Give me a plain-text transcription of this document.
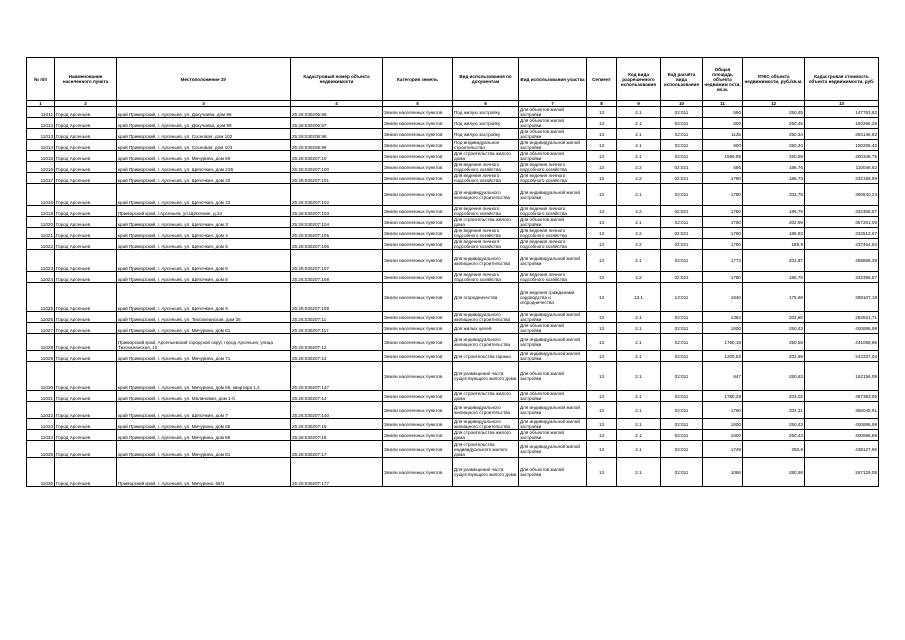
№ п/п	Наименование населенного пункта	Местоположение ЗУ	Кадастровый номер объекта недвижимости	Категория земель	Вид использования по документам	Вид использования участка	Сегмент	Код вида разрешенного использования	Код расчёта вида использования	Общая площадь объекта недвижим ости, кв.м.	УПКС объекта недвижимости, руб./кв.м.	Кадастровая стоимость объекта недвижимости, руб.
1	2	3	4	5	6	7	8	9	10	11	12	13
11011	Город Арсеньев	край Приморский, г. Арсеньев, ул. Докучаева, дом 98	25:26:030206:86	Земли населенных пунктов	Под жилую застройку	Для объектов жилой застройки	13	2.1	02:011	590	250,45	147763,82
11012	Город Арсеньев	край Приморский, г. Арсеньев, ул. Докучаева, дом 99	25:26:030206:97	Земли населенных пунктов	Под жилую застройку	Для объектов жилой застройки	13	2.1	02:011	600	250,45	150266,29
11013	Город Арсеньев	край Приморский, г. Арсеньев, ул. Сосновая, дом 102	25:26:030206:98	Земли населенных пунктов	Под жилую застройку	Для объектов жилой застройки	13	2.1	02:011	1135	250,34	284146,92
11014	Город Арсеньев	край Приморский, г. Арсеньев, ул. Сосновая, дом 103	25:26:030206:99	Земли населенных пунктов	Под индивидуальное строительство	Для индивидуальной жилой застройки	13	2.1	02:011	600	250,34	150206,45
11015	Город Арсеньев	край Приморский, г. Арсеньев, ул. Мичурина, дом 69	25:26:030207:10	Земли населенных пунктов	Для строительства жилого дома	Для объектов жилой застройки	13	2.1	02:011	1589,95	250,59	400348,75
11016	Город Арсеньев	край Приморский, г. Арсеньев, ул. Щепочкин, дом 21Б	25:26:030207:100	Земли населенных пунктов	Для ведения личного подсобного хозяйства	Для ведения личного подсобного хозяйства	13	2.2	02:021	586	186,76	110046,82
11017	Город Арсеньев	край Приморский, г. Арсеньев, ул. Щепочкин, дом 22	25:26:030207:101	Земли населенных пунктов	Для ведения личного подсобного хозяйства	Для ведения личного подсобного хозяйства	13	2.2	02:021	1780	186,73	332158,99
11018	Город Арсеньев	край Приморский, г. Арсеньев, ул. Щепочкин, дом 23	25:26:030207:102	Земли населенных пунктов	Для индивидуального жилищного строительства	Для индивидуальной жилой застройки	13	2.1	02:011	1780	202,75	360840,24
11019	Город Арсеньев	Приморский край, г.Арсеньев, ул.Щепочкин, д.24	25:26:030207:103	Земли населенных пунктов	Для ведения личного подсобного хозяйства	Для ведения личного подсобного хозяйства	13	2.2	02:021	1780	186,79	332308,67
11020	Город Арсеньев	край Приморский, г. Арсеньев, ул. Щепочкин, дом 3	25:26:030207:104	Земли населенных пунктов	Для строительства жилого дома	Для объектов жилой застройки	13	2.1	02:011	1760	202,99	357261,09
11021	Город Арсеньев	край Приморский, г. Арсеньев, ул. Щепочкин, дом 4	25:26:030207:105	Земли населенных пунктов	Для ведения личного подсобного хозяйства	Для ведения личного подсобного хозяйства	13	2.2	02:021	1760	186,93	332513,67
11022	Город Арсеньев	край Приморский, г. Арсеньев, ул. Щепочкин, дом 5	25:26:030207:106	Земли населенных пунктов	Для ведения личного подсобного хозяйства	Для ведения личного подсобного хозяйства	13	2.2	02:021	1780	189,9	337464,62
11023	Город Арсеньев	край Приморский, г. Арсеньев, ул. Щепочкин, дом 6	25:26:030207:107	Земли населенных пунктов	Для индивидуального жилищного строительства	Для индивидуальной жилой застройки	13	2.1	02:011	1773	202,97	359868,39
11024	Город Арсеньев	край Приморский, г. Арсеньев, ул. Щепочкин, дом 8	25:26:030207:108	Земли населенных пунктов	Для ведения личного подсобного хозяйства	Для ведения личного подсобного хозяйства	13	2.2	02:021	1780	186,75	332399,67
11025	Город Арсеньев	край Приморский, г. Арсеньев, ул. Щепочкин, дом 9	25:26:030207:109	Земли населенных пунктов	Для огородничества	Для ведения гражданами садоводства и огородничества	13	13.1	13:011	1640	175,68	288107,19
11026	Город Арсеньев	край Приморский, г. Арсеньев, ул. Тихоокеанская, дом 25	25:26:030207:11	Земли населенных пунктов	Для индивидуального жилищного строительства	Для индивидуальной жилой застройки	13	2.1	02:011	1394	202,80	282821,71
11027	Город Арсеньев	край Приморский, г. Арсеньев, ул. Мичурина, дом 61	25:26:030207:117	Земли населенных пунктов	Для жилых целей	Для объектов жилой застройки	13	2.1	02:011	1600	250,43	400686,99
11028	Город Арсеньев	Приморский край, Арсеньевский городской округ, город Арсеньев, улица Тихоокеанская, 10	25:26:030207:12	Земли населенных пунктов	Для индивидуального жилищного строительства	Для индивидуальной жилой застройки	13	2.1	02:011	1760,16	250,58	441058,86
11029	Город Арсеньев	край Приморский, г. Арсеньев, ул. Мичурина, дом 71	25:26:030207:13	Земли населенных пунктов	Для строительства гаража	Для индивидуальной жилой застройки	13	2.1	02:011	1200,52	202,69	243337,04
11030	Город Арсеньев	край Приморский, г. Арсеньев, ул. Мичурина, дом 56, квартира 1,2	25:26:030207:137	Земли населенных пунктов	Для размещения части существующего жилого дома	Для объектов жилой застройки	13	2.1	02:011	647	250,63	162156,09
11031	Город Арсеньев	край Приморский, г. Арсеньев, ул. Малиновая, дом 1-б	25:26:030207:14	Земли населенных пунктов	Для строительства жилого дома	Для объектов жилой застройки	13	2.1	02:011	1780,28	203,02	357383,05
11032	Город Арсеньев	край Приморский, г. Арсеньев, ул. Щепочкин, дом 7	25:26:030207:140	Земли населенных пунктов	Для индивидуального жилищного строительства	Для индивидуальной жилой застройки	13	2.1	02:011	1760	202,31	356045,91
11033	Город Арсеньев	край Приморский, г. Арсеньев, ул. Мичурина, дом 55	25:26:030207:15	Земли населенных пунктов	Для индивидуального жилищного строительства	Для индивидуальной жилой застройки	13	2.1	02:011	1600	250,43	400686,99
11034	Город Арсеньев	край Приморский, г. Арсеньев, ул. Мичурина, дом 59	25:26:030207:16	Земли населенных пунктов	Для строительства жилого дома	Для объектов жилой застройки	13	2.1	02:011	1600	250,43	400686,99
11035	Город Арсеньев	край Приморский, г. Арсеньев, ул. Мичурина, дом 61	25:26:030207:17	Земли населенных пунктов	Для строительства индивидуального жилого дома	Для индивидуальной жилой застройки	13	2.1	02:011	1749	250,6	438127,86
11036	Город Арсеньев	Приморский край, г. Арсеньев, ул. Мичурина, 66/1	25:26:030207:177	Земли населенных пунктов	Для размещения части существующего жилого дома	Для объектов жилой застройки	13	2.1	02:011	1066	250,58	267129,05
